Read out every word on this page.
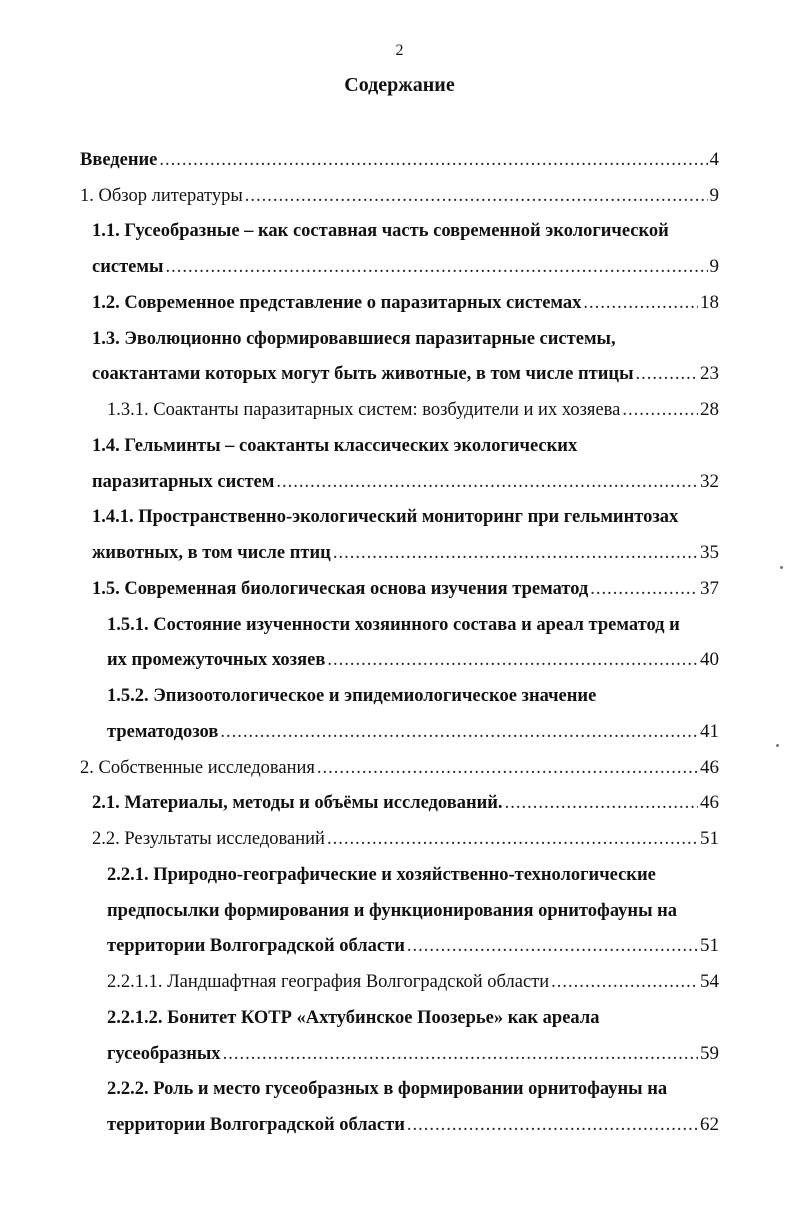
2
Содержание
Введение .....	4
1. Обзор литературы .....	9
1.1. Гусеобразные – как составная часть современной экологической
системы .....	9
1.2. Современное представление о паразитарных системах .....	18
1.3. Эволюционно сформировавшиеся паразитарные системы,
соактантами которых могут быть животные, в том числе птицы .....	23
1.3.1. Соактанты паразитарных систем: возбудители и их хозяева .....	28
1.4. Гельминты – соактанты классических экологических
паразитарных систем .....	32
1.4.1. Пространственно-экологический мониторинг при гельминтозах
животных, в том числе птиц .....	35
1.5. Современная биологическая основа изучения трематод .....	37
1.5.1. Состояние изученности хозяинного состава и ареал трематод и
их промежуточных хозяев .....	40
1.5.2. Эпизоотологическое и эпидемиологическое значение
трематодозов .....	41
2. Собственные исследования .....	46
2.1. Материалы, методы и объёмы исследований. .....	46
2.2. Результаты исследований .....	51
2.2.1. Природно-географические и хозяйственно-технологические
предпосылки формирования и функционирования орнитофауны на
территории Волгоградской области .....	51
2.2.1.1. Ландшафтная география Волгоградской области .....	54
2.2.1.2. Бонитет КОТР «Ахтубинское Поозерье» как ареала
гусеобразных .....	59
2.2.2. Роль и место гусеобразных в формировании орнитофауны на
территории Волгоградской области .....	62
